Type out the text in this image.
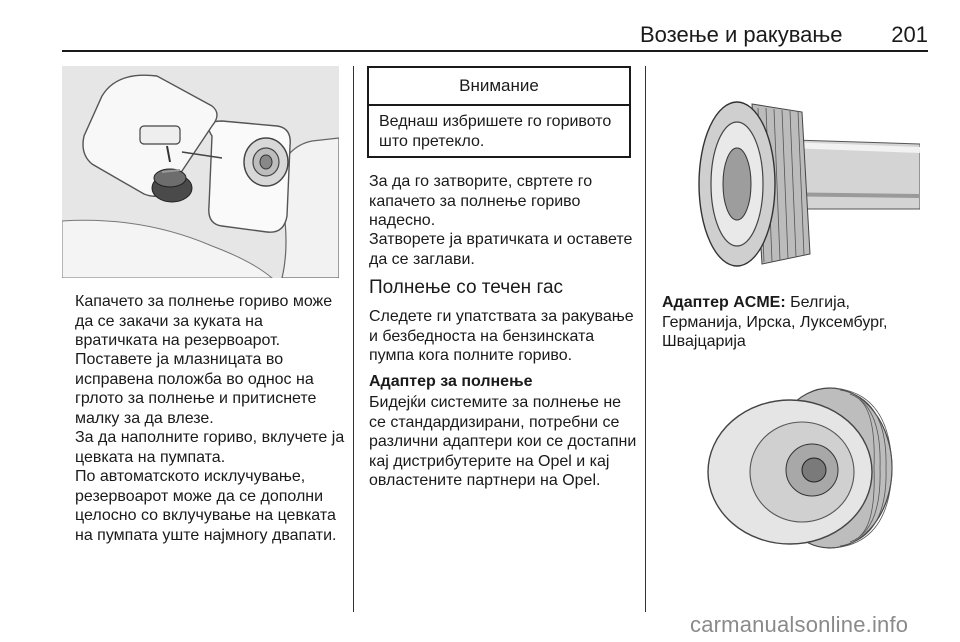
Возење и ракување	201

Капачето за полнење гориво може да се закачи за куката на вратичката на резервоарот.

Поставете ја млазницата во исправена положба во однос на грлото за полнење и притиснете малку за да влезе.

За да наполните гориво, вклучете ја цевката на пумпата.

По автоматското исклучување, резервоарот може да се дополни целосно со вклучување на цевката на пумпата уште најмногу двапати.

Внимание
Веднаш избришете го горивото што претекло.

За да го затворите, свртете го капачето за полнење гориво надесно.

Затворете ја вратичката и оставете да се заглави.

Полнење со течен гас

Следете ги упатствата за ракување и безбедноста на бензинската пумпа кога полните гориво.

Адаптер за полнење

Бидејќи системите за полнење не се стандардизирани, потребни се различни адаптери кои се достапни кај дистрибутерите на Opel и кај овластените партнери на Opel.

Адаптер ACME: Белгија, Германија, Ирска, Луксембург, Швајцарија
carmanualsonline.info
